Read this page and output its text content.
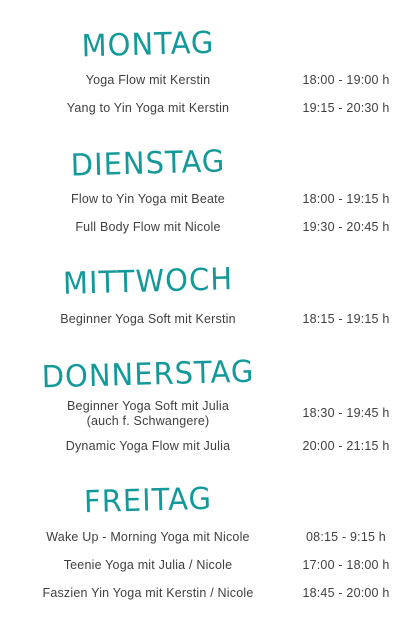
MONTAG
Yoga Flow mit Kerstin	18:00 - 19:00 h
Yang to Yin Yoga mit Kerstin	19:15 - 20:30 h
DIENSTAG
Flow to Yin Yoga mit Beate	18:00 - 19:15 h
Full Body Flow mit Nicole	19:30 - 20:45 h
MITTWOCH
Beginner Yoga Soft mit Kerstin	18:15 - 19:15 h
DONNERSTAG
Beginner Yoga Soft mit Julia
(auch f. Schwangere)
18:30 - 19:45 h
Dynamic Yoga Flow mit Julia	20:00 - 21:15 h
FREITAG
Wake Up - Morning Yoga mit Nicole	08:15 - 9:15 h
Teenie Yoga mit Julia / Nicole	17:00 - 18:00 h
Faszien Yin Yoga mit Kerstin / Nicole	18:45 - 20:00 h
